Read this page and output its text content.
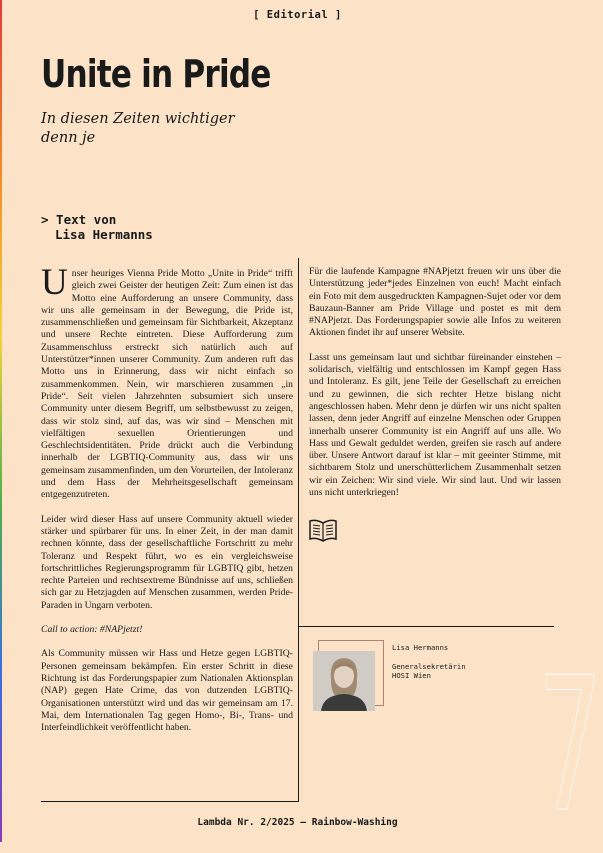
[ Editorial ]
Unite in Pride

In diesen Zeiten wichtiger denn je

> Text von
Lisa Hermanns

Unser heuriges Vienna Pride Motto „Unite in Pride“ trifft gleich zwei Geister der heutigen Zeit: Zum einen ist das Motto eine Aufforderung an unsere Community, dass wir uns alle gemeinsam in der Bewegung, die Pride ist, zusammenschließen und gemeinsam für Sichtbarkeit, Akzeptanz und unsere Rechte eintreten. Diese Aufforderung zum Zusammenschluss erstreckt sich natürlich auch auf Unterstützer*innen unserer Community. Zum anderen ruft das Motto uns in Erinnerung, dass wir nicht einfach so zusammenkommen. Nein, wir marschieren zusammen „in Pride“. Seit vielen Jahrzehnten subsumiert sich unsere Community unter diesem Begriff, um selbstbewusst zu zeigen, dass wir stolz sind, auf das, was wir sind – Menschen mit vielfältigen sexuellen Orientierungen und Geschlechtsidentitäten. Pride drückt auch die Verbindung innerhalb der LGBTIQ-Community aus, dass wir uns gemeinsam zusammenfinden, um den Vorurteilen, der Intoleranz und dem Hass der Mehrheitsgesellschaft gemeinsam entgegenzutreten.

Leider wird dieser Hass auf unsere Community aktuell wieder stärker und spürbarer für uns. In einer Zeit, in der man damit rechnen könnte, dass der gesellschaftliche Fortschritt zu mehr Toleranz und Respekt führt, wo es ein vergleichsweise fortschrittliches Regierungsprogramm für LGBTIQ gibt, hetzen rechte Parteien und rechtsextreme Bündnisse auf uns, schließen sich gar zu Hetzjagden auf Menschen zusammen, werden Pride-Paraden in Ungarn verboten.

Call to action: #NAPjetzt!

Als Community müssen wir Hass und Hetze gegen LGBTIQ-Personen gemeinsam bekämpfen. Ein erster Schritt in diese Richtung ist das Forderungspapier zum Nationalen Aktionsplan (NAP) gegen Hate Crime, das von dutzenden LGBTIQ-Organisationen unterstützt wird und das wir gemeinsam am 17. Mai, dem Internationalen Tag gegen Homo-, Bi-, Trans- und Interfeindlichkeit veröffentlicht haben.

Für die laufende Kampagne #NAPjetzt freuen wir uns über die Unterstützung jeder*jedes Einzelnen von euch! Macht einfach ein Foto mit dem ausgedruckten Kampagnen-Sujet oder vor dem Bauzaun-Banner am Pride Village und postet es mit dem #NAPjetzt. Das Forderungspapier sowie alle Infos zu weiteren Aktionen findet ihr auf unserer Website.

Lasst uns gemeinsam laut und sichtbar füreinander einstehen – solidarisch, vielfältig und entschlossen im Kampf gegen Hass und Intoleranz. Es gilt, jene Teile der Gesellschaft zu erreichen und zu gewinnen, die sich rechter Hetze bislang nicht angeschlossen haben. Mehr denn je dürfen wir uns nicht spalten lassen, denn jeder Angriff auf einzelne Menschen oder Gruppen innerhalb unserer Community ist ein Angriff auf uns alle. Wo Hass und Gewalt geduldet werden, greifen sie rasch auf andere über. Unsere Antwort darauf ist klar – mit geeinter Stimme, mit sichtbarem Stolz und unerschütterlichem Zusammenhalt setzen wir ein Zeichen: Wir sind viele. Wir sind laut. Und wir lassen uns nicht unterkriegen!

Lisa Hermanns
Generalsekretärin
HOSI Wien 7
Lambda Nr. 2/2025 – Rainbow-Washing
